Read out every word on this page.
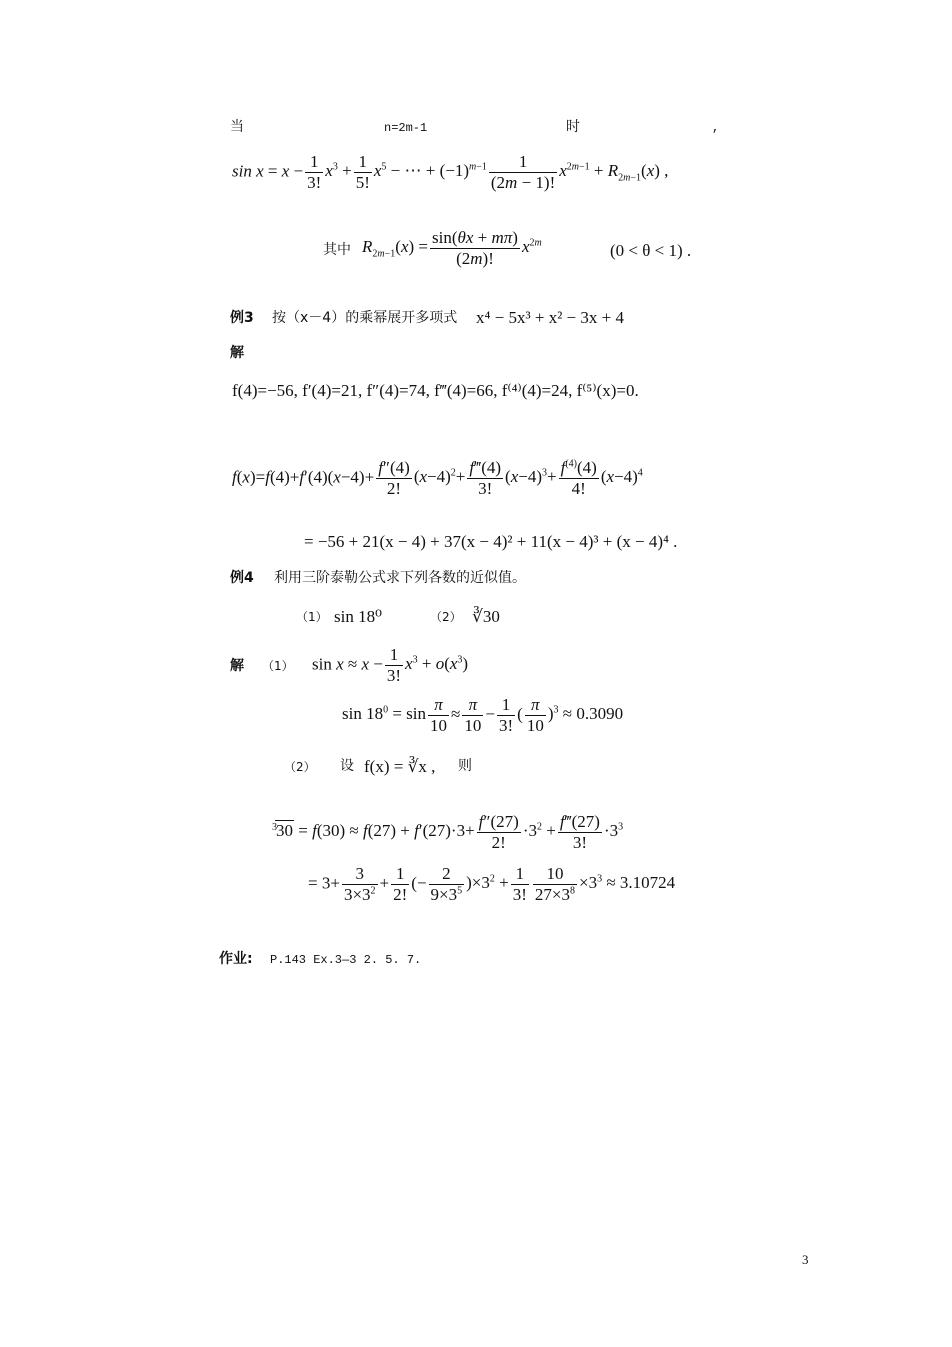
当	n=2m-1	时	,
$\sin x = x - \frac{1}{3!} x^3 + \frac{1}{5!} x^5$ − ⋯ + $(-1)^{m-1} \frac{1}{(2m - 1)!} x^{2m-1} + R_{2m-1}(x)$ ,
其中 $R_{2m-1}(x) = \frac{\sin(\theta x + m\pi)}{(2m)!} x^{2m}$	(0 < θ < 1) .
例3 按（x－4）的乘幂展开多项式 x⁴ − 5x³ + x² − 3x + 4
解
f(4)=−56, f′(4)=21, f″(4)=74, f‴(4)=66, f⁽⁴⁾(4)=24, f⁽⁵⁾(x)=0.
$f(x)=f(4)+f'(4)(x-4)+ \frac{f''(4)}{2!} (x-4)^2+ \frac{f‴(4)}{3!} (x-4)^3+ \frac{f^{(4)}(4)}{4!} (x-4)^4$
= −56 + 21(x − 4) + 37(x − 4)² + 11(x − 4)³ + (x − 4)⁴ .
例4 利用三阶泰勒公式求下列各数的近似值。
（1） sin 18⁰	（2） ∛30
解 （1） $\sin x \approx x - \frac{1}{3!} x^3 + o(x^3)$
$\sin 18^0 = \sin \frac{\pi}{10} \approx \frac{\pi}{10} - \frac{1}{3!}$ ( $\frac{\pi}{10} )^3 \approx 0.3090$
（2） 设 f(x) = ∛x , 则
$^330 = f(30) \approx f(27) + f'(27)\cdot 3+ \frac{f''(27)}{2!} \cdot 3^2 + \frac{f‴(27)}{3!} \cdot 3^3$
= $3+ \frac{3}{3\times 3^2} + \frac{1}{2!}$ (− $\frac{2}{9\times 3^5} )\times 3^2 + \frac{1}{3!} \frac{10}{27\times 3^8} \times 3^3 \approx 3.10724$
作业: P.143 Ex.3—3 2. 5. 7.
3
